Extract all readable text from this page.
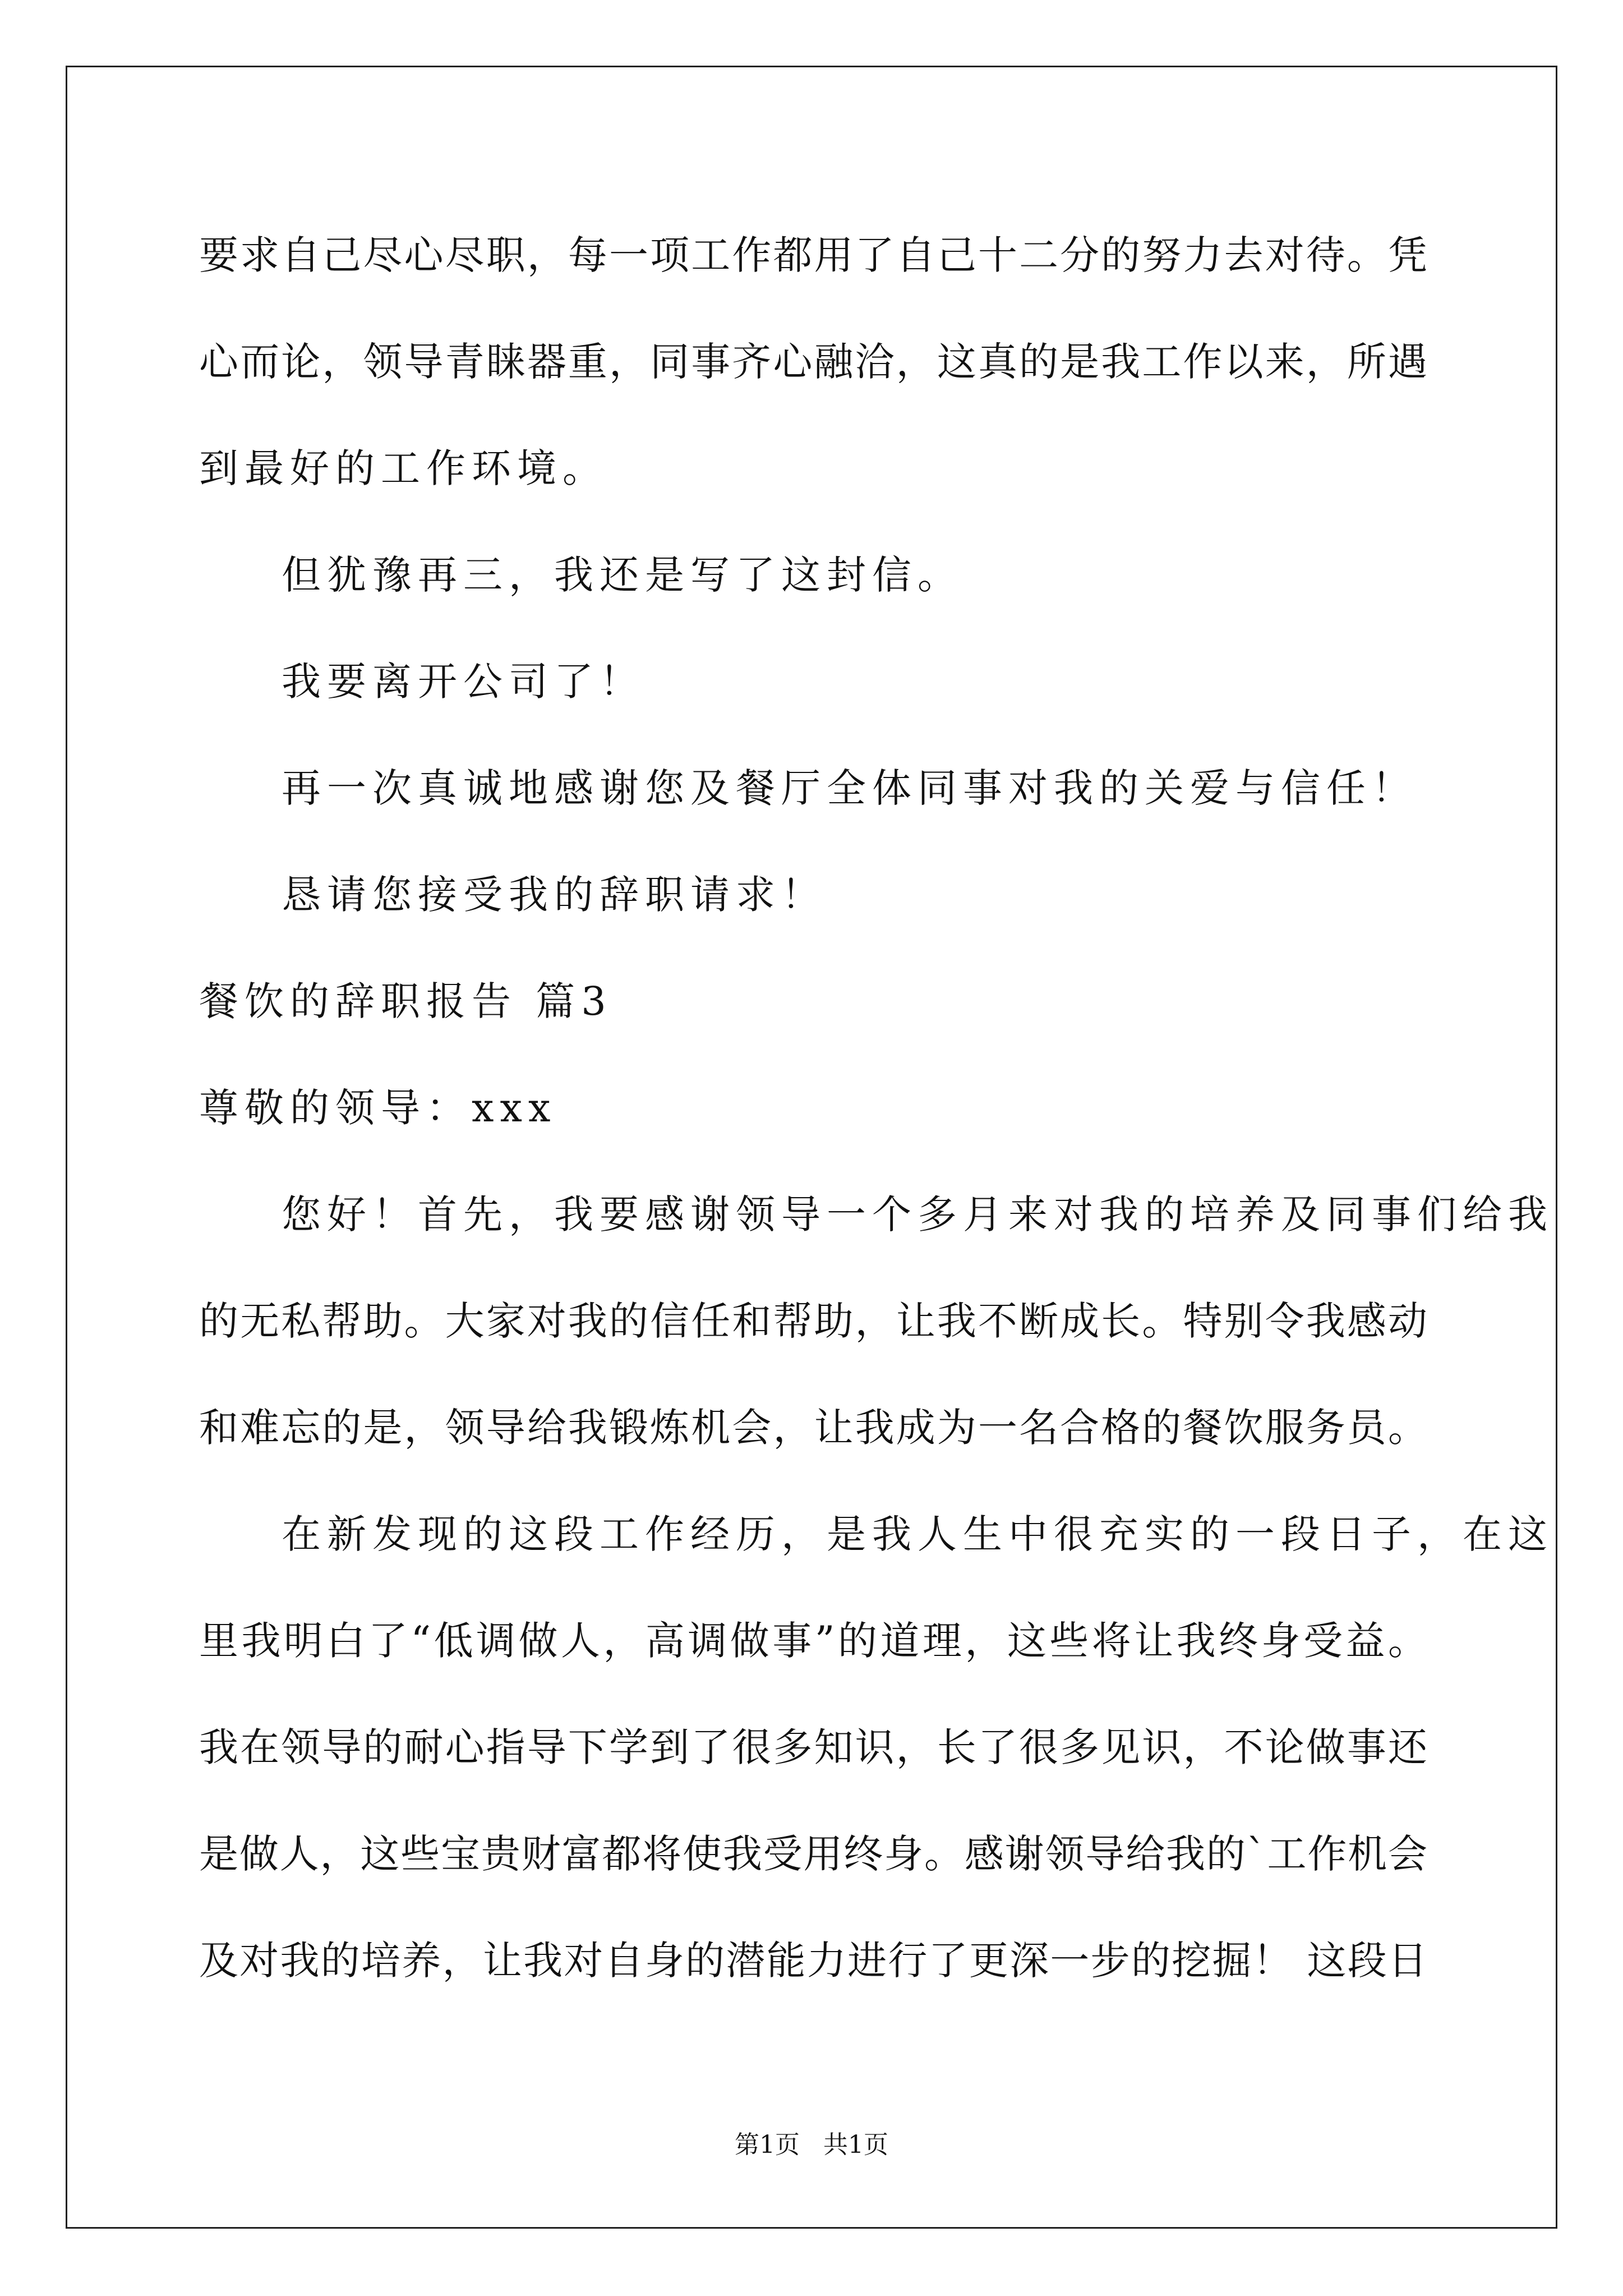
要求自己尽心尽职，每一项工作都用了自己十二分的努力去对待。凭
心而论，领导青睐器重，同事齐心融洽，这真的是我工作以来，所遇
到最好的工作环境。
但犹豫再三，我还是写了这封信。
我要离开公司了！
再一次真诚地感谢您及餐厅全体同事对我的关爱与信任！
恳请您接受我的辞职请求！
餐饮的辞职报告 篇3
尊敬的领导：xxx
您好！首先，我要感谢领导一个多月来对我的培养及同事们给我
的无私帮助。大家对我的信任和帮助，让我不断成长。特别令我感动
和难忘的是，领导给我锻炼机会，让我成为一名合格的餐饮服务员。
在新发现的这段工作经历，是我人生中很充实的一段日子，在这
里我明白了“低调做人，高调做事”的道理，这些将让我终身受益。
我在领导的耐心指导下学到了很多知识，长了很多见识，不论做事还
是做人，这些宝贵财富都将使我受用终身。感谢领导给我的`工作机会
及对我的培养，让我对自身的潜能力进行了更深一步的挖掘！ 这段日
第1页   共1页
